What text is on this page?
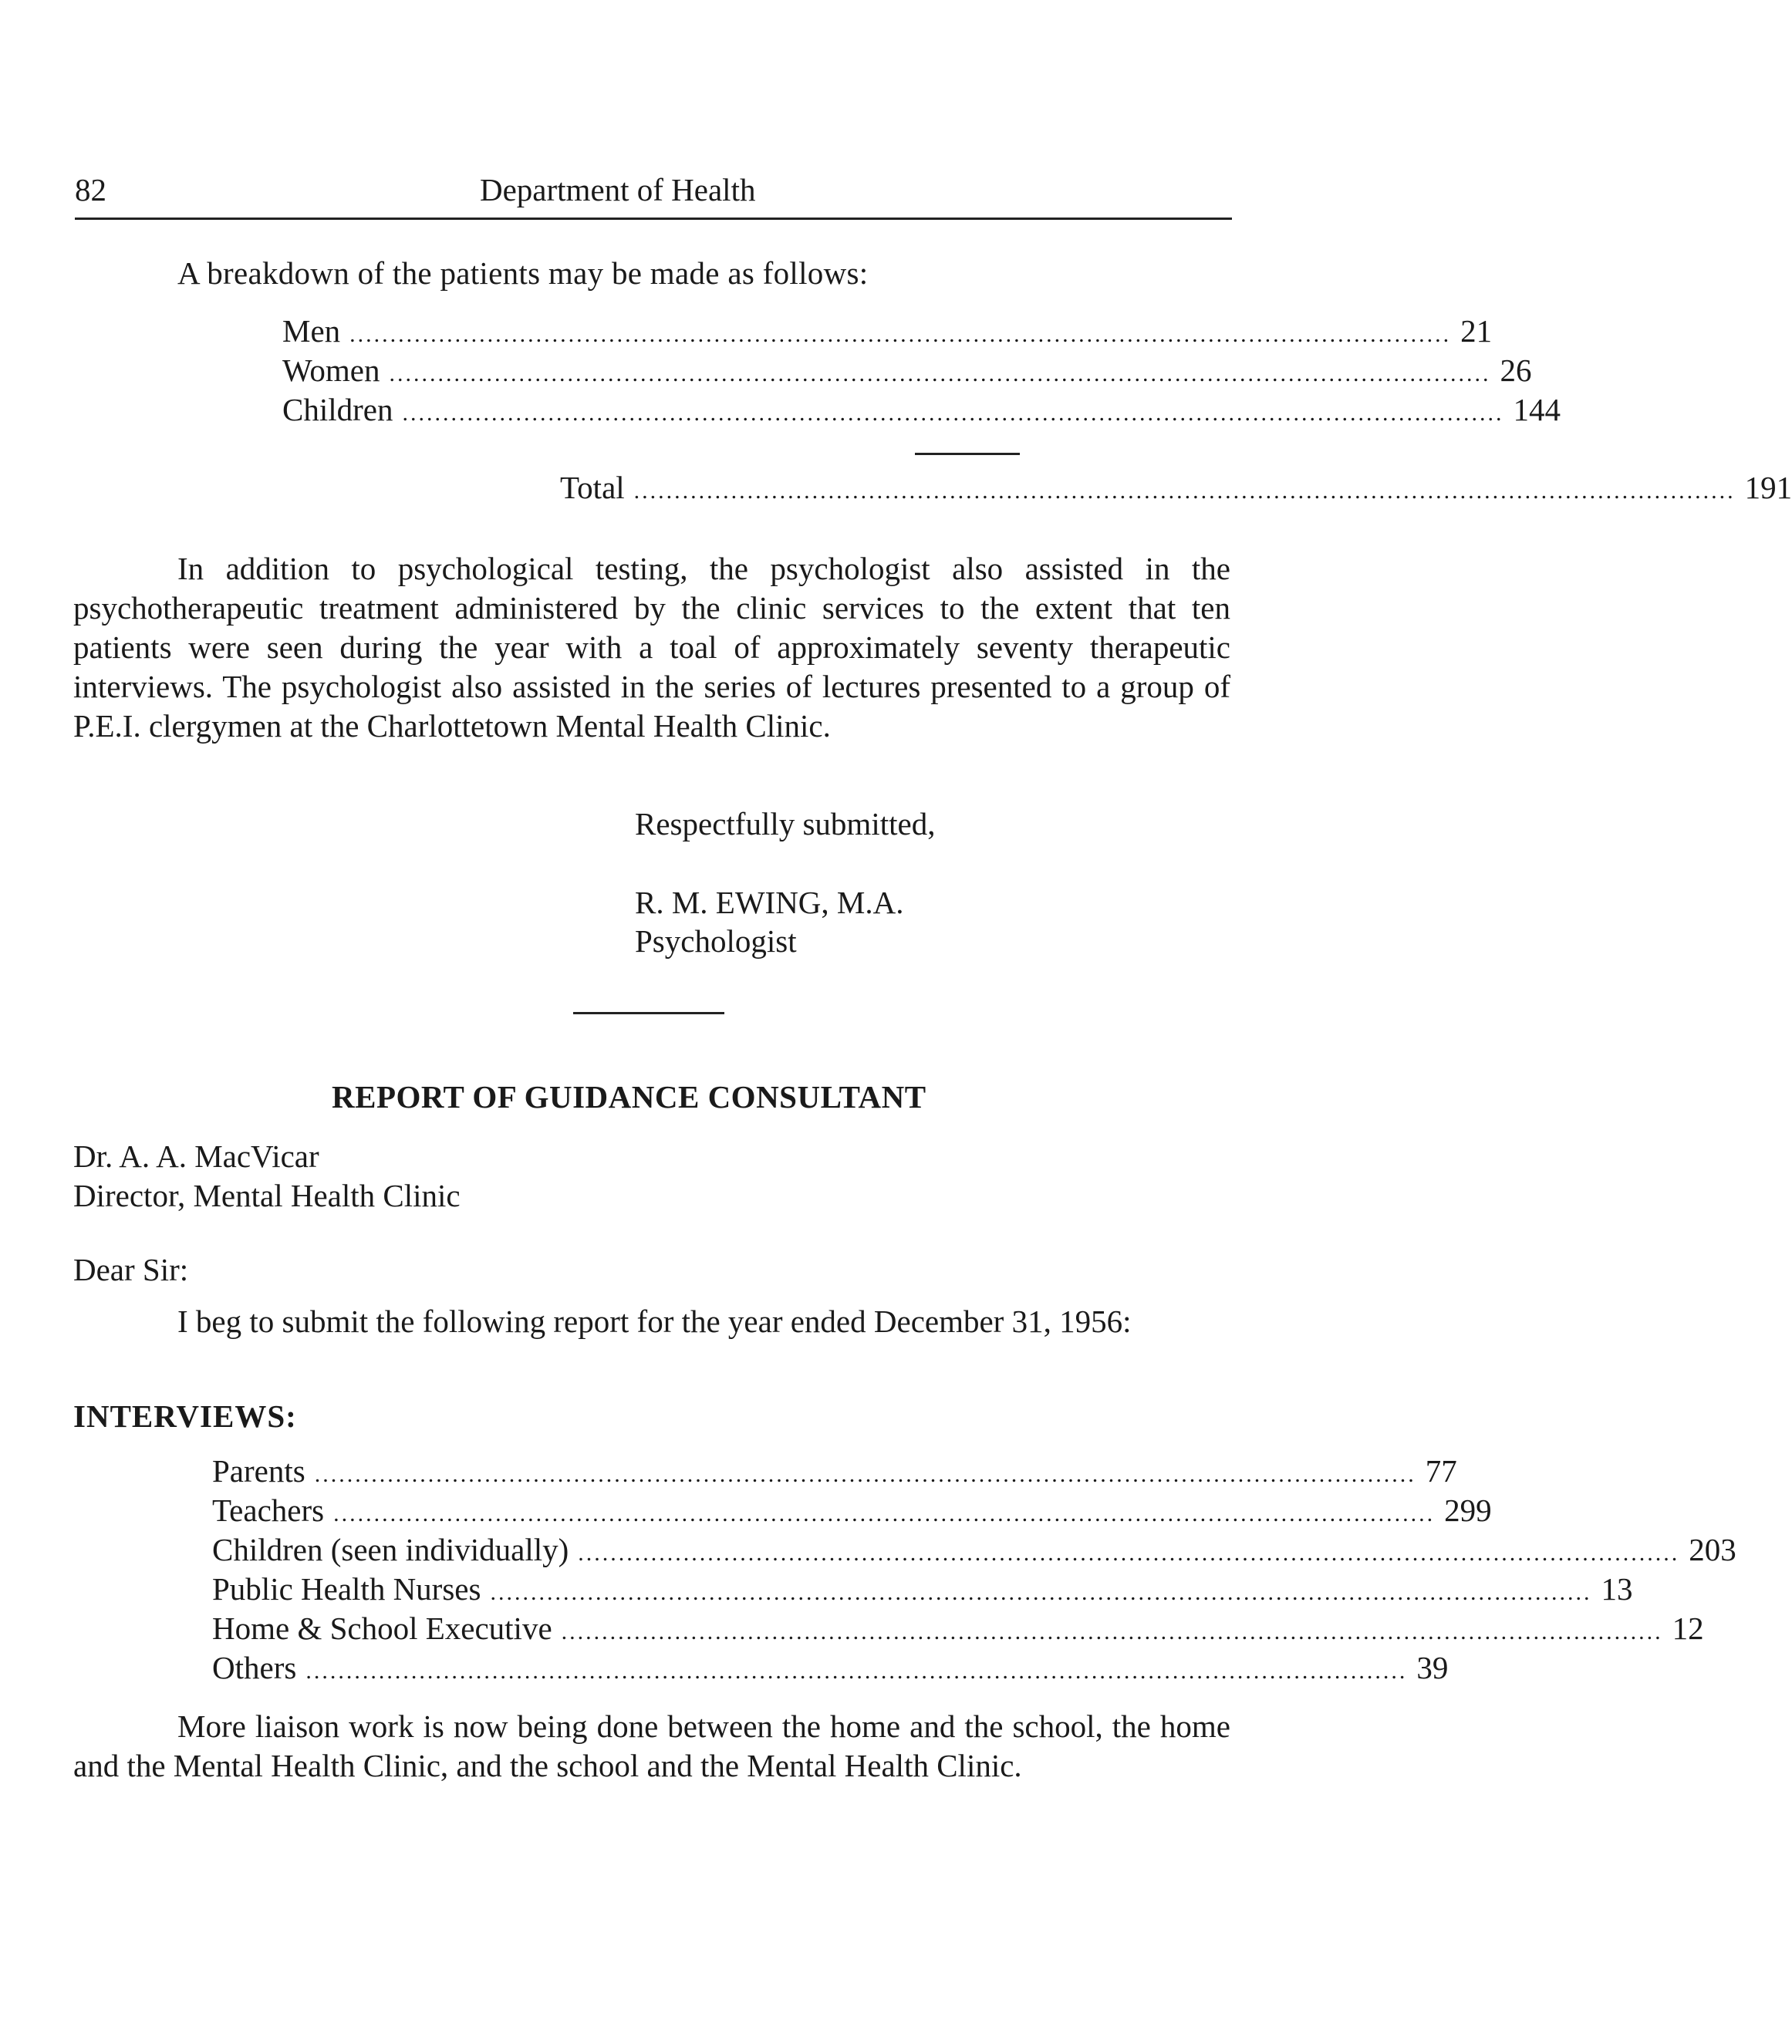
82	Department of Health
A breakdown of the patients may be made as follows:
Men ........................................................................................................................................ 21
Women ........................................................................................................................................ 26
Children ........................................................................................................................................ 144
Total ........................................................................................................................................ 191
In addition to psychological testing, the psychologist also assisted in the psychotherapeutic treatment administered by the clinic services to the extent that ten patients were seen during the year with a toal of approximately seventy therapeutic interviews. The psychologist also assisted in the series of lectures presented to a group of P.E.I. clergymen at the Charlottetown Mental Health Clinic.
Respectfully submitted,
R. M. EWING, M.A.
Psychologist
REPORT OF GUIDANCE CONSULTANT
Dr. A. A. MacVicar
Director, Mental Health Clinic
Dear Sir:
I beg to submit the following report for the year ended December 31, 1956:
INTERVIEWS:
Parents ........................................................................................................................................ 77
Teachers ........................................................................................................................................ 299
Children (seen individually) ........................................................................................................................................ 203
Public Health Nurses ........................................................................................................................................ 13
Home & School Executive ........................................................................................................................................ 12
Others ........................................................................................................................................ 39
More liaison work is now being done between the home and the school, the home and the Mental Health Clinic, and the school and the Mental Health Clinic.
